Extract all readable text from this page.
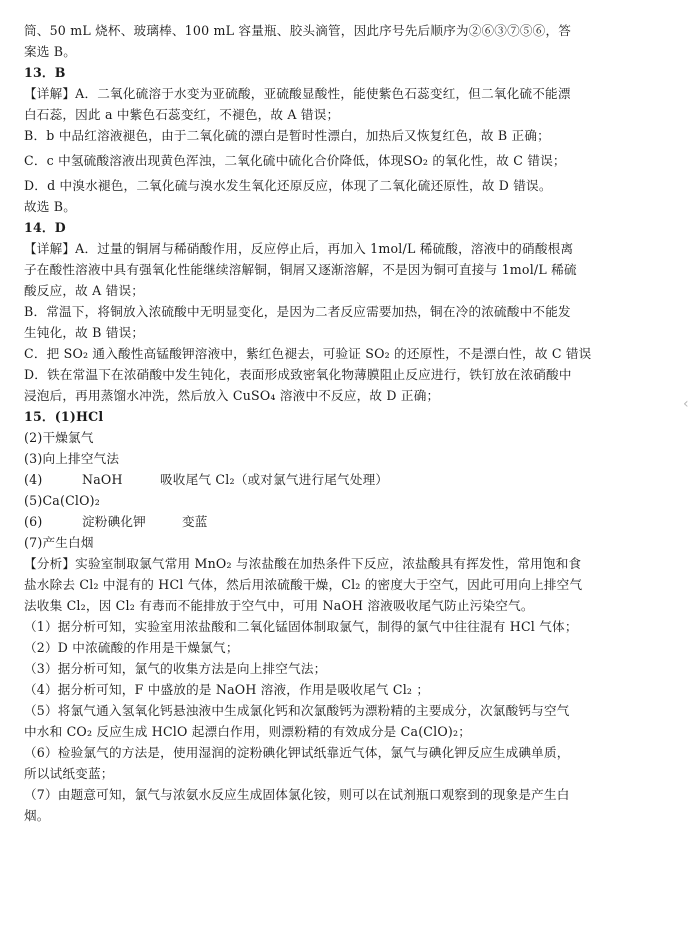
筒、50 mL 烧杯、玻璃棒、100 mL 容量瓶、胶头滴管，因此序号先后顺序为②⑥③⑦⑤⑥，答
案选 B。
13．B
【详解】A．二氧化硫溶于水变为亚硫酸，亚硫酸显酸性，能使紫色石蕊变红，但二氧化硫不能漂
白石蕊，因此 a 中紫色石蕊变红，不褪色，故 A 错误；
B．b 中品红溶液褪色，由于二氧化硫的漂白是暂时性漂白，加热后又恢复红色，故 B 正确；
C．c 中氢硫酸溶液出现黄色浑浊，二氧化硫中硫化合价降低，体现SO₂ 的氧化性，故 C 错误；
D．d 中溴水褪色，二氧化硫与溴水发生氧化还原反应，体现了二氧化硫还原性，故 D 错误。
故选 B。
14．D
【详解】A．过量的铜屑与稀硝酸作用，反应停止后，再加入 1mol/L 稀硫酸，溶液中的硝酸根离
子在酸性溶液中具有强氧化性能继续溶解铜，铜屑又逐渐溶解，不是因为铜可直接与 1mol/L 稀硫
酸反应，故 A 错误；
B．常温下，将铜放入浓硫酸中无明显变化，是因为二者反应需要加热，铜在冷的浓硫酸中不能发
生钝化，故 B 错误；
C．把 SO₂ 通入酸性高锰酸钾溶液中，紫红色褪去，可验证 SO₂ 的还原性，不是漂白性，故 C 错误
D．铁在常温下在浓硝酸中发生钝化，表面形成致密氧化物薄膜阻止反应进行，铁钉放在浓硝酸中
浸泡后，再用蒸馏水冲洗，然后放入 CuSO₄ 溶液中不反应，故 D 正确；
15．(1)HCl
(2)干燥氯气
(3)向上排空气法
(4)	NaOH	吸收尾气 Cl₂（或对氯气进行尾气处理）
(5)Ca(ClO)₂
(6)	淀粉碘化钾	变蓝
(7)产生白烟
【分析】实验室制取氯气常用 MnO₂ 与浓盐酸在加热条件下反应，浓盐酸具有挥发性，常用饱和食
盐水除去 Cl₂ 中混有的 HCl 气体，然后用浓硫酸干燥，Cl₂ 的密度大于空气，因此可用向上排空气
法收集 Cl₂，因 Cl₂ 有毒而不能排放于空气中，可用 NaOH 溶液吸收尾气防止污染空气。
（1）据分析可知，实验室用浓盐酸和二氧化锰固体制取氯气，制得的氯气中往往混有 HCl 气体；
（2）D 中浓硫酸的作用是干燥氯气；
（3）据分析可知，氯气的收集方法是向上排空气法；
（4）据分析可知，F 中盛放的是 NaOH 溶液，作用是吸收尾气 Cl₂ ；
（5）将氯气通入氢氧化钙悬浊液中生成氯化钙和次氯酸钙为漂粉精的主要成分，次氯酸钙与空气
中水和 CO₂ 反应生成 HClO 起漂白作用，则漂粉精的有效成分是 Ca(ClO)₂；
（6）检验氯气的方法是，使用湿润的淀粉碘化钾试纸靠近气体，氯气与碘化钾反应生成碘单质，
所以试纸变蓝；
（7）由题意可知，氯气与浓氨水反应生成固体氯化铵，则可以在试剂瓶口观察到的现象是产生白
烟。
‹
